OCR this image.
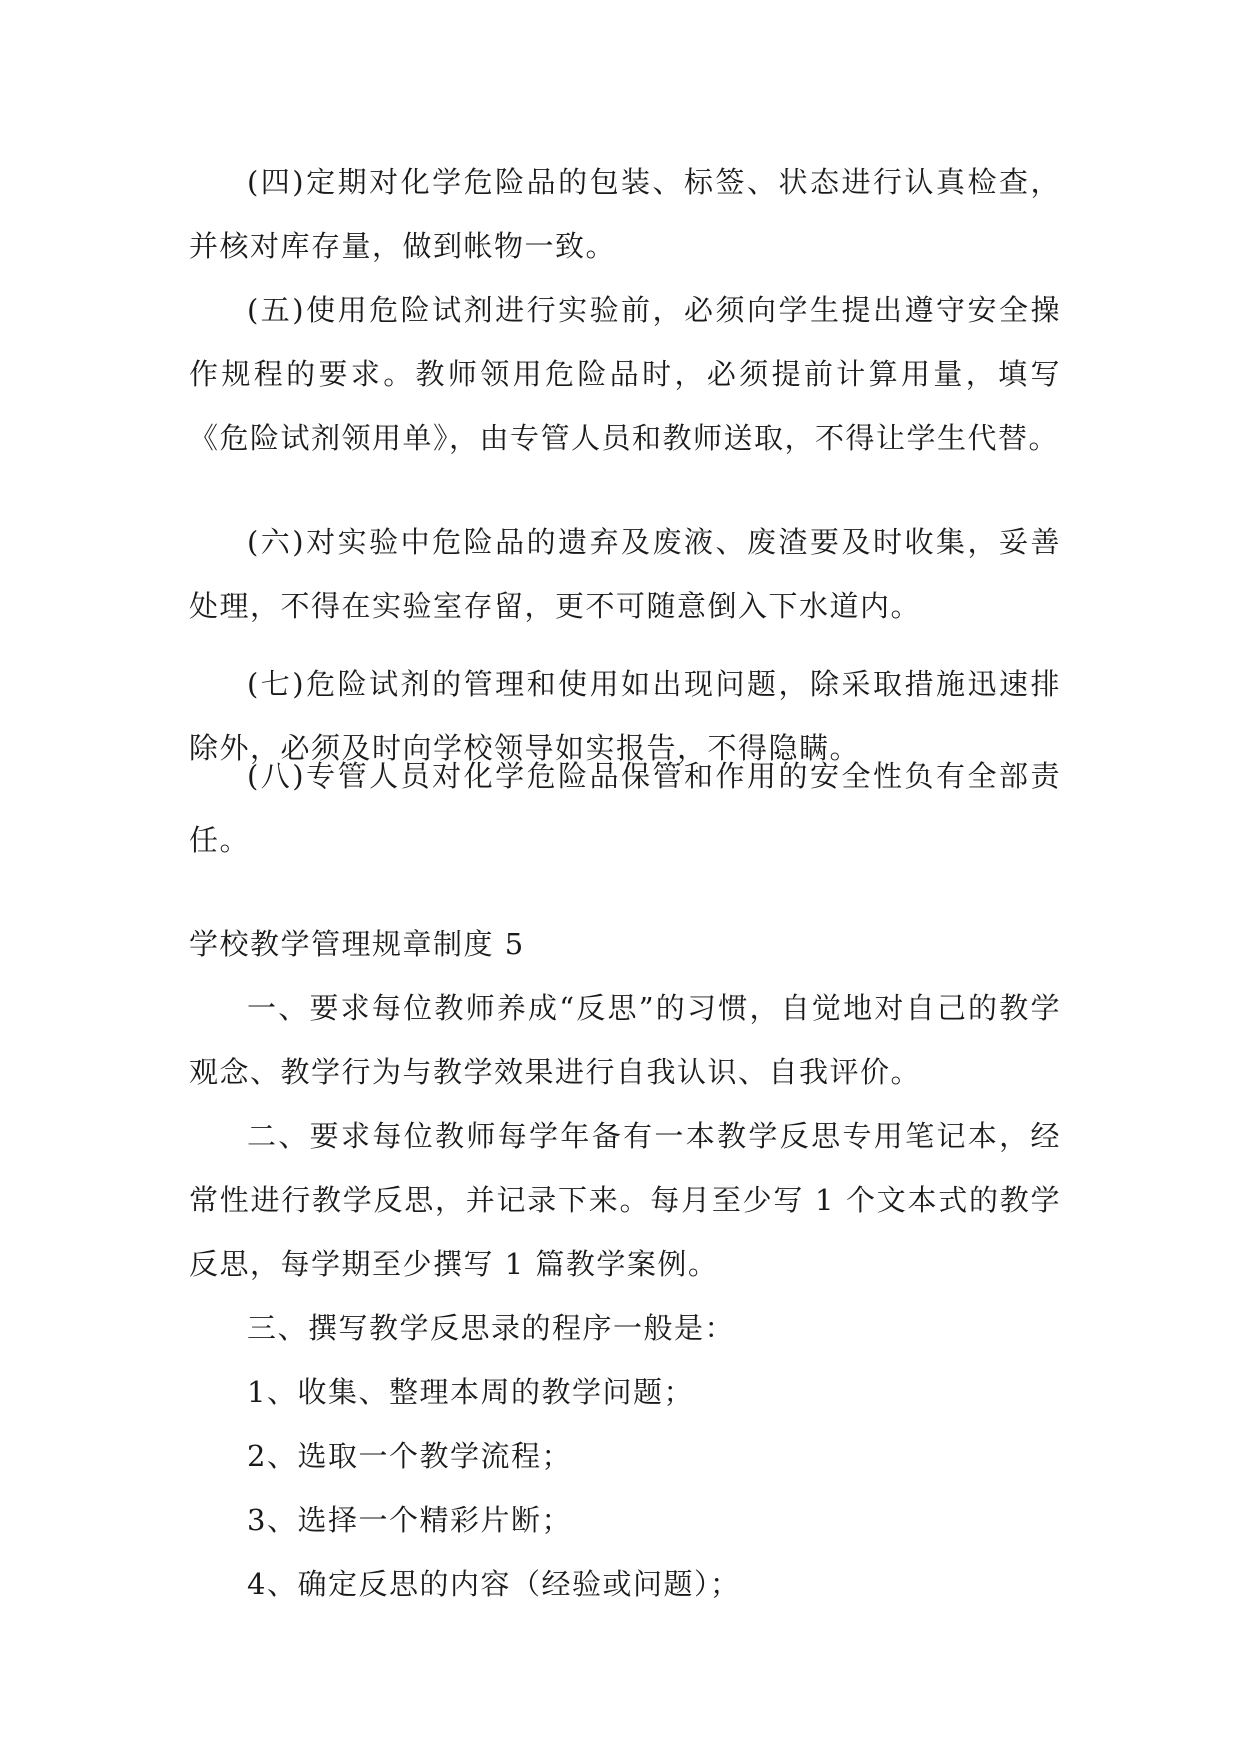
(四)定期对化学危险品的包装、标签、状态进行认真检查，并核对库存量，做到帐物一致。

(五)使用危险试剂进行实验前，必须向学生提出遵守安全操作规程的要求。教师领用危险品时，必须提前计算用量，填写《危险试剂领用单》，由专管人员和教师送取，不得让学生代替。

(六)对实验中危险品的遗弃及废液、废渣要及时收集，妥善处理，不得在实验室存留，更不可随意倒入下水道内。

(七)危险试剂的管理和使用如出现问题，除采取措施迅速排除外，必须及时向学校领导如实报告，不得隐瞒。

(八)专管人员对化学危险品保管和作用的安全性负有全部责任。

学校教学管理规章制度 5

一、要求每位教师养成“反思”的习惯，自觉地对自己的教学观念、教学行为与教学效果进行自我认识、自我评价。

二、要求每位教师每学年备有一本教学反思专用笔记本，经常性进行教学反思，并记录下来。每月至少写 1 个文本式的教学反思，每学期至少撰写 1 篇教学案例。

三、撰写教学反思录的程序一般是：

1、收集、整理本周的教学问题；

2、选取一个教学流程；

3、选择一个精彩片断；

4、确定反思的内容（经验或问题）；
